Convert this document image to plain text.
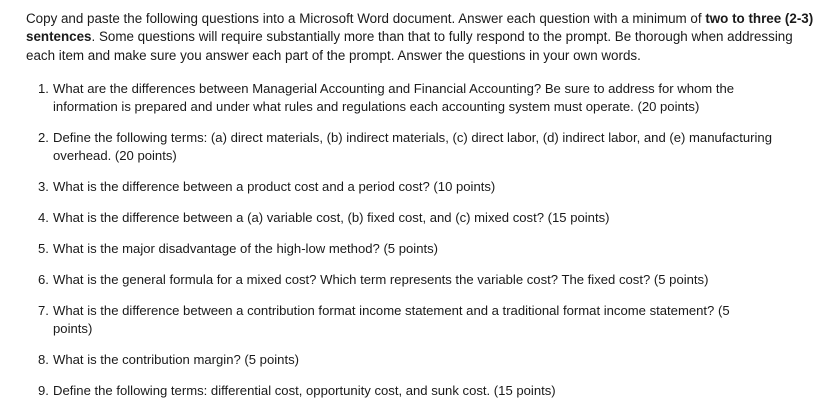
Copy and paste the following questions into a Microsoft Word document. Answer each question with a minimum of two to three (2-3) sentences. Some questions will require substantially more than that to fully respond to the prompt. Be thorough when addressing each item and make sure you answer each part of the prompt. Answer the questions in your own words.

1. What are the differences between Managerial Accounting and Financial Accounting? Be sure to address for whom the information is prepared and under what rules and regulations each accounting system must operate. (20 points)
2. Define the following terms: (a) direct materials, (b) indirect materials, (c) direct labor, (d) indirect labor, and (e) manufacturing overhead. (20 points)
3. What is the difference between a product cost and a period cost? (10 points)
4. What is the difference between a (a) variable cost, (b) fixed cost, and (c) mixed cost? (15 points)
5. What is the major disadvantage of the high-low method? (5 points)
6. What is the general formula for a mixed cost? Which term represents the variable cost? The fixed cost? (5 points)
7. What is the difference between a contribution format income statement and a traditional format income statement? (5 points)
8. What is the contribution margin? (5 points)
9. Define the following terms: differential cost, opportunity cost, and sunk cost. (15 points)
